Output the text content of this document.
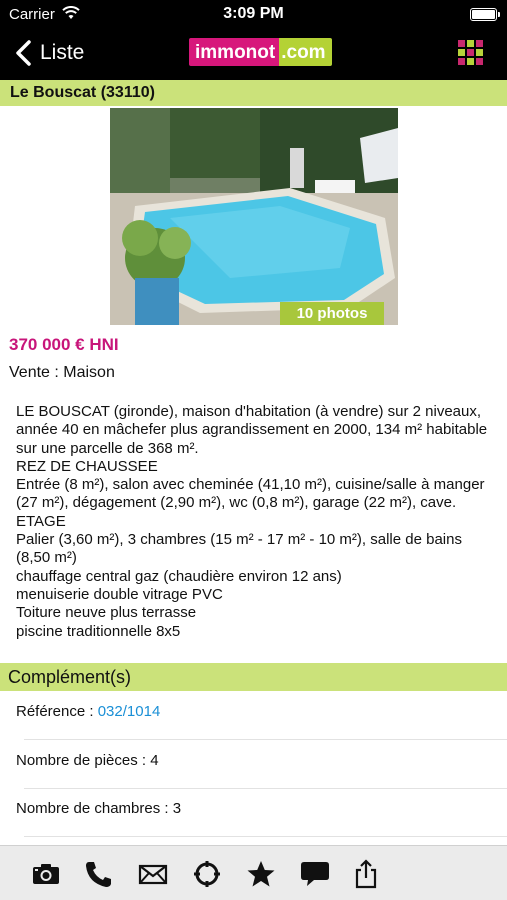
Carrier	3:09 PM
Liste	immonot .com
Le Bouscat (33110)
10 photos
370 000 € HNI
Vente : Maison

LE BOUSCAT (gironde), maison d'habitation (à vendre) sur 2 niveaux, année 40 en mâchefer plus agrandissement en 2000, 134 m² habitable sur une parcelle de 368 m².

REZ DE CHAUSSEE

Entrée (8 m²), salon avec cheminée (41,10 m²), cuisine/salle à manger (27 m²), dégagement (2,90 m²), wc (0,8 m²), garage (22 m²), cave.

ETAGE

Palier (3,60 m²), 3 chambres (15 m² - 17 m² - 10 m²), salle de bains (8,50 m²)

chauffage central gaz (chaudière environ 12 ans)

menuiserie double vitrage PVC

Toiture neuve plus terrasse

piscine traditionnelle 8x5

Complément(s)
Référence : 032/1014
Nombre de pièces : 4
Nombre de chambres : 3
